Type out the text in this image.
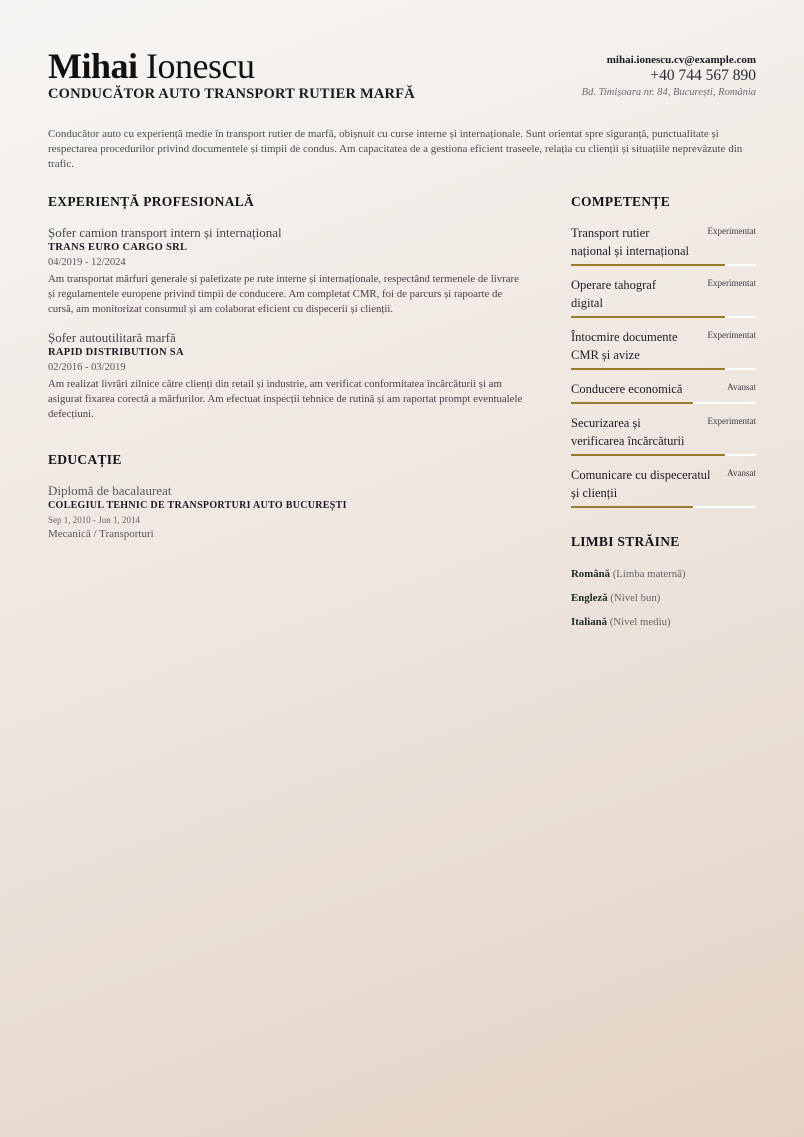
Mihai Ionescu
CONDUCĂTOR AUTO TRANSPORT RUTIER MARFĂ
mihai.ionescu.cv@example.com
+40 744 567 890
Bd. Timișoara nr. 84, București, România

Conducător auto cu experiență medie în transport rutier de marfă, obișnuit cu curse interne și internaționale. Sunt orientat spre siguranță, punctualitate și respectarea procedurilor privind documentele și timpii de condus. Am capacitatea de a gestiona eficient traseele, relația cu clienții și situațiile neprevăzute din trafic.

EXPERIENȚĂ PROFESIONALĂ
Șofer camion transport intern și internațional
TRANS EURO CARGO SRL
04/2019 - 12/2024

Am transportat mărfuri generale și paletizate pe rute interne și internaționale, respectând termenele de livrare și regulamentele europene privind timpii de conducere. Am completat CMR, foi de parcurs și rapoarte de cursă, am monitorizat consumul și am colaborat eficient cu dispecerii și clienții.

Șofer autoutilitară marfă
RAPID DISTRIBUTION SA
02/2016 - 03/2019

Am realizat livrări zilnice către clienți din retail și industrie, am verificat conformitatea încărcăturii și am asigurat fixarea corectă a mărfurilor. Am efectuat inspecții tehnice de rutină și am raportat prompt eventualele defecțiuni.

EDUCAȚIE
Diplomă de bacalaureat
COLEGIUL TEHNIC DE TRANSPORTURI AUTO BUCUREȘTI
Sep 1, 2010 - Jun 1, 2014
Mecanică / Transporturi
COMPETENȚE
Transport rutier național și internațional
Experimentat
Operare tahograf digital
Experimentat
Întocmire documente CMR și avize
Experimentat
Conducere economică	Avansat
Securizarea și verificarea încărcăturii
Experimentat
Comunicare cu dispeceratul și clienții
Avansat
LIMBI STRĂINE
Română (Limba maternă)
Engleză (Nivel bun)
Italiană (Nivel mediu)
